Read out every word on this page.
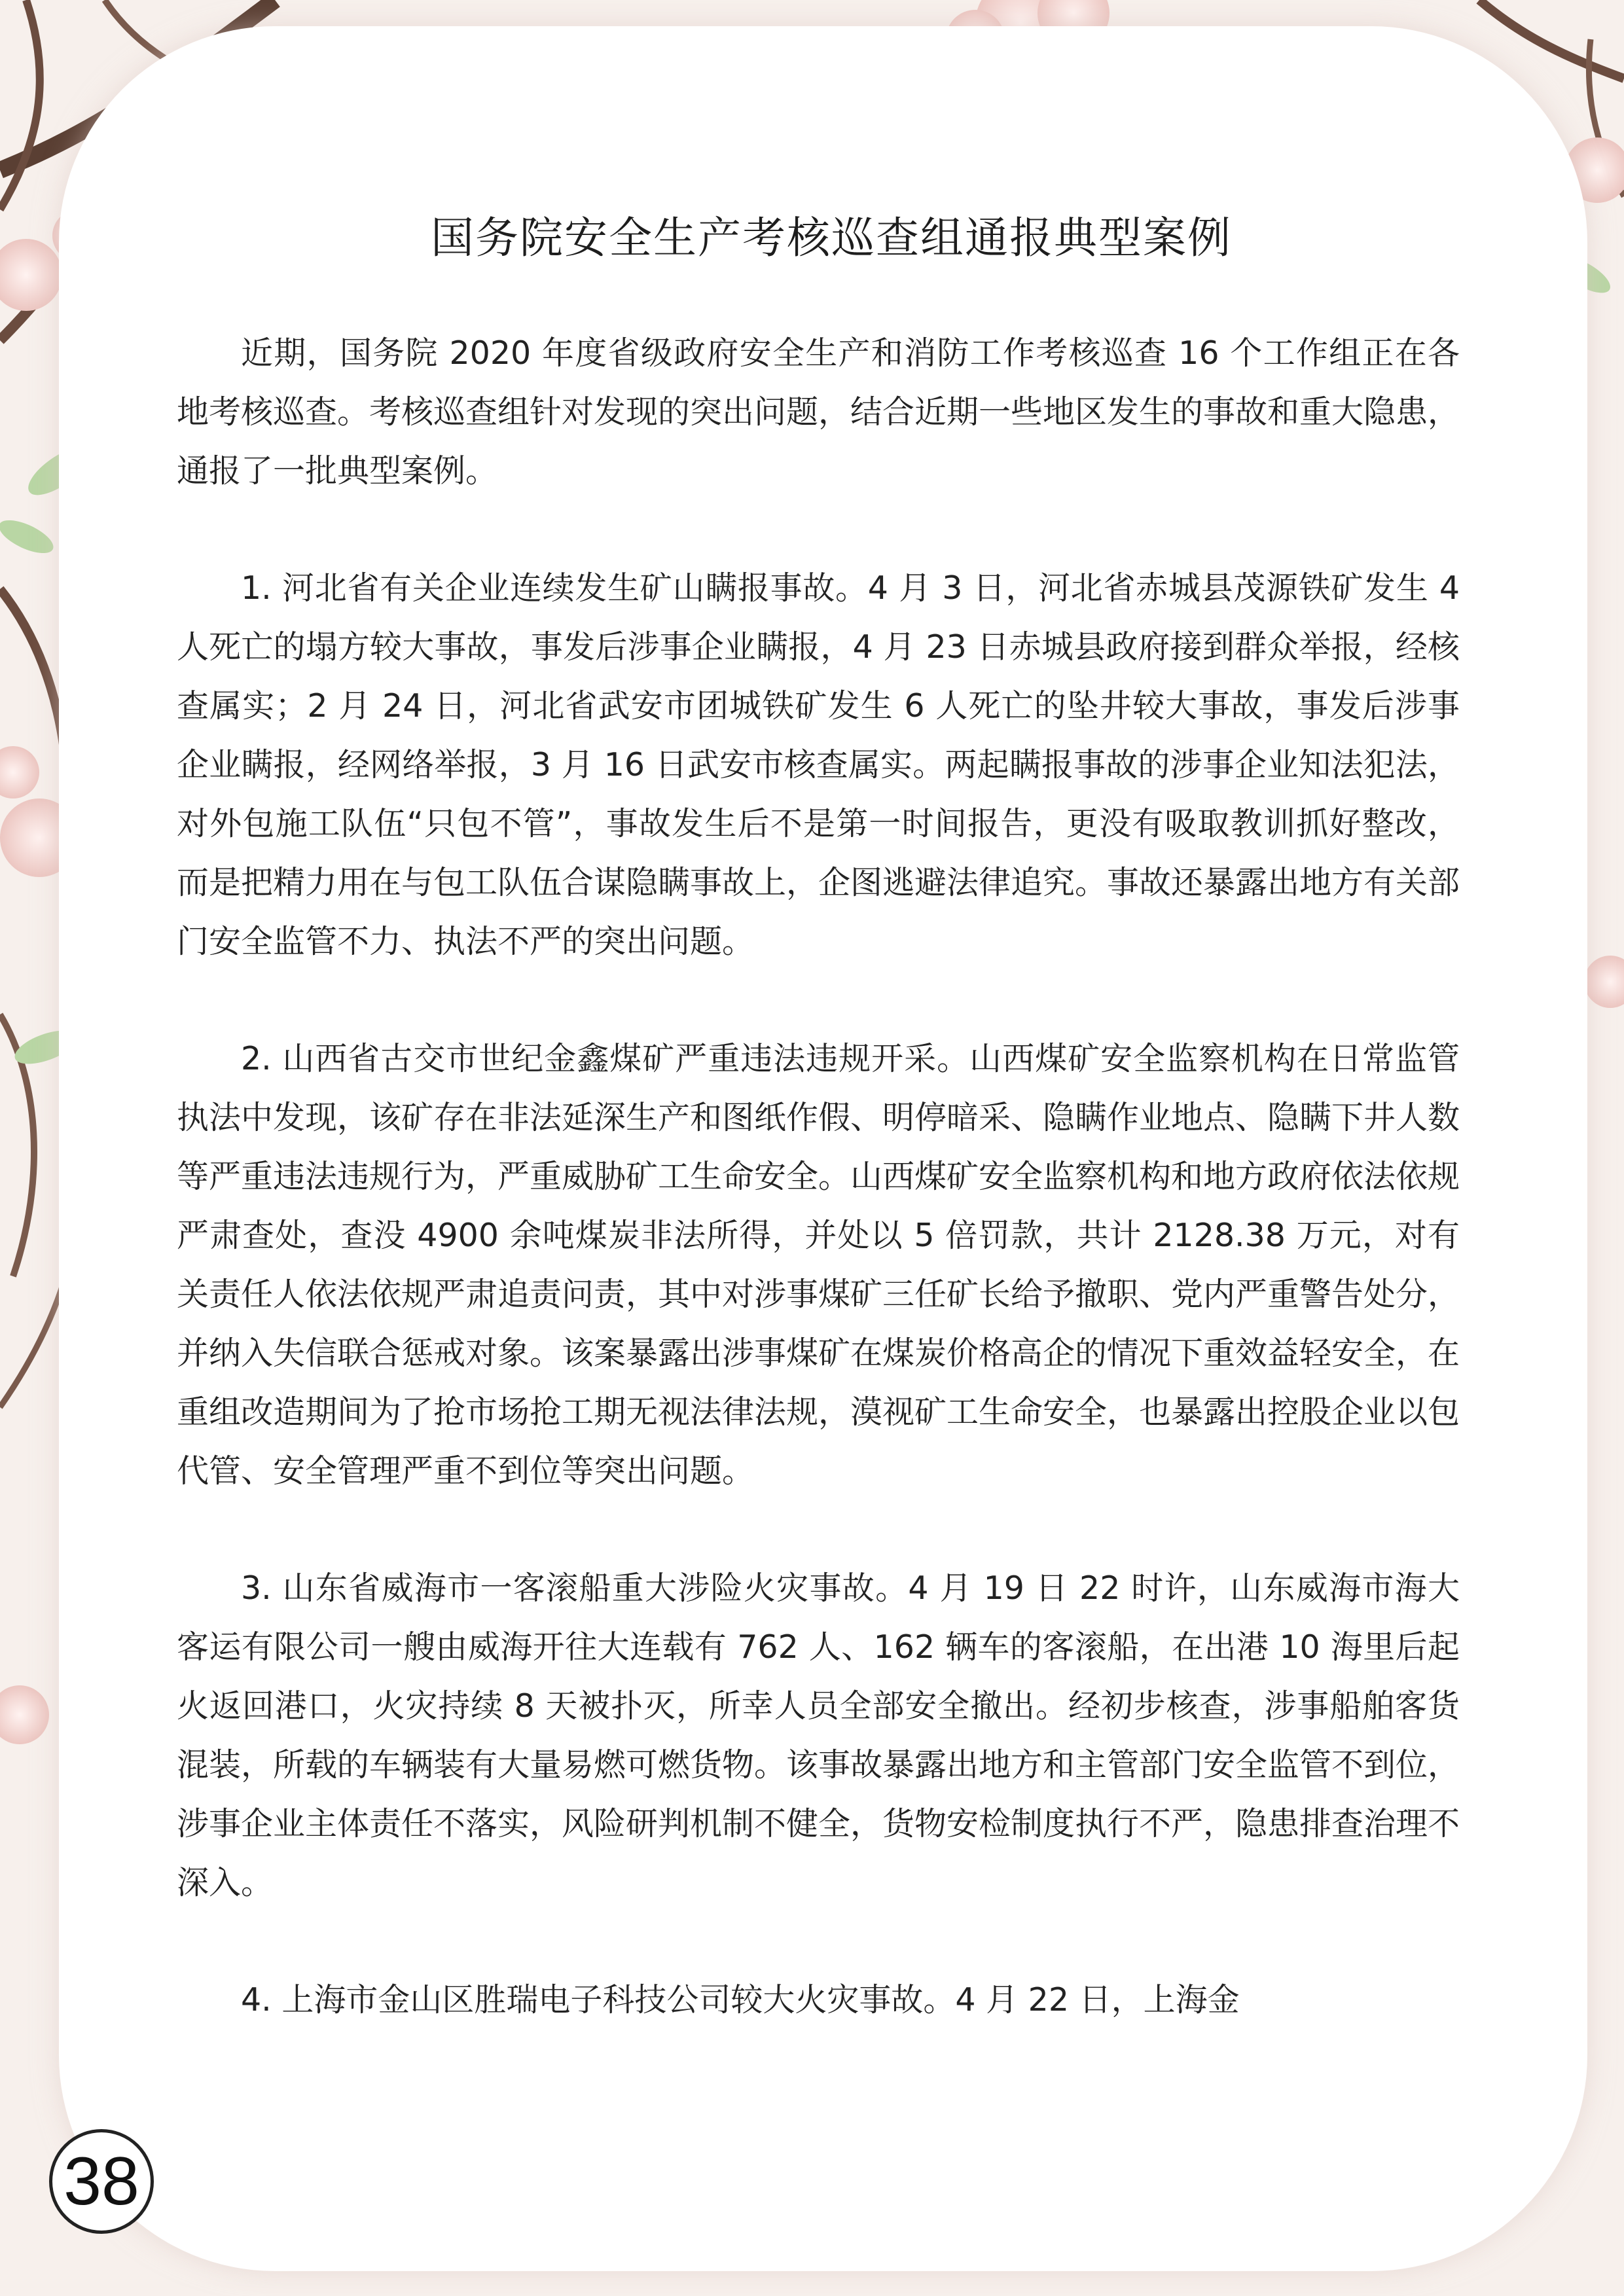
国务院安全生产考核巡查组通报典型案例

近期，国务院 2020 年度省级政府安全生产和消防工作考核巡查 16 个工作组正在各地考核巡查。考核巡查组针对发现的突出问题，结合近期一些地区发生的事故和重大隐患，通报了一批典型案例。

1. 河北省有关企业连续发生矿山瞒报事故。4 月 3 日，河北省赤城县茂源铁矿发生 4 人死亡的塌方较大事故，事发后涉事企业瞒报，4 月 23 日赤城县政府接到群众举报，经核查属实；2 月 24 日，河北省武安市团城铁矿发生 6 人死亡的坠井较大事故，事发后涉事企业瞒报，经网络举报，3 月 16 日武安市核查属实。两起瞒报事故的涉事企业知法犯法，对外包施工队伍“只包不管”，事故发生后不是第一时间报告，更没有吸取教训抓好整改，而是把精力用在与包工队伍合谋隐瞒事故上，企图逃避法律追究。事故还暴露出地方有关部门安全监管不力、执法不严的突出问题。

2. 山西省古交市世纪金鑫煤矿严重违法违规开采。山西煤矿安全监察机构在日常监管执法中发现，该矿存在非法延深生产和图纸作假、明停暗采、隐瞒作业地点、隐瞒下井人数等严重违法违规行为，严重威胁矿工生命安全。山西煤矿安全监察机构和地方政府依法依规严肃查处，查没 4900 余吨煤炭非法所得，并处以 5 倍罚款，共计 2128.38 万元，对有关责任人依法依规严肃追责问责，其中对涉事煤矿三任矿长给予撤职、党内严重警告处分，并纳入失信联合惩戒对象。该案暴露出涉事煤矿在煤炭价格高企的情况下重效益轻安全，在重组改造期间为了抢市场抢工期无视法律法规，漠视矿工生命安全，也暴露出控股企业以包代管、安全管理严重不到位等突出问题。

3. 山东省威海市一客滚船重大涉险火灾事故。4 月 19 日 22 时许，山东威海市海大客运有限公司一艘由威海开往大连载有 762 人、162 辆车的客滚船，在出港 10 海里后起火返回港口，火灾持续 8 天被扑灭，所幸人员全部安全撤出。经初步核查，涉事船舶客货混装，所载的车辆装有大量易燃可燃货物。该事故暴露出地方和主管部门安全监管不到位，涉事企业主体责任不落实，风险研判机制不健全，货物安检制度执行不严，隐患排查治理不深入。

4. 上海市金山区胜瑞电子科技公司较大火灾事故。4 月 22 日，上海金

38
